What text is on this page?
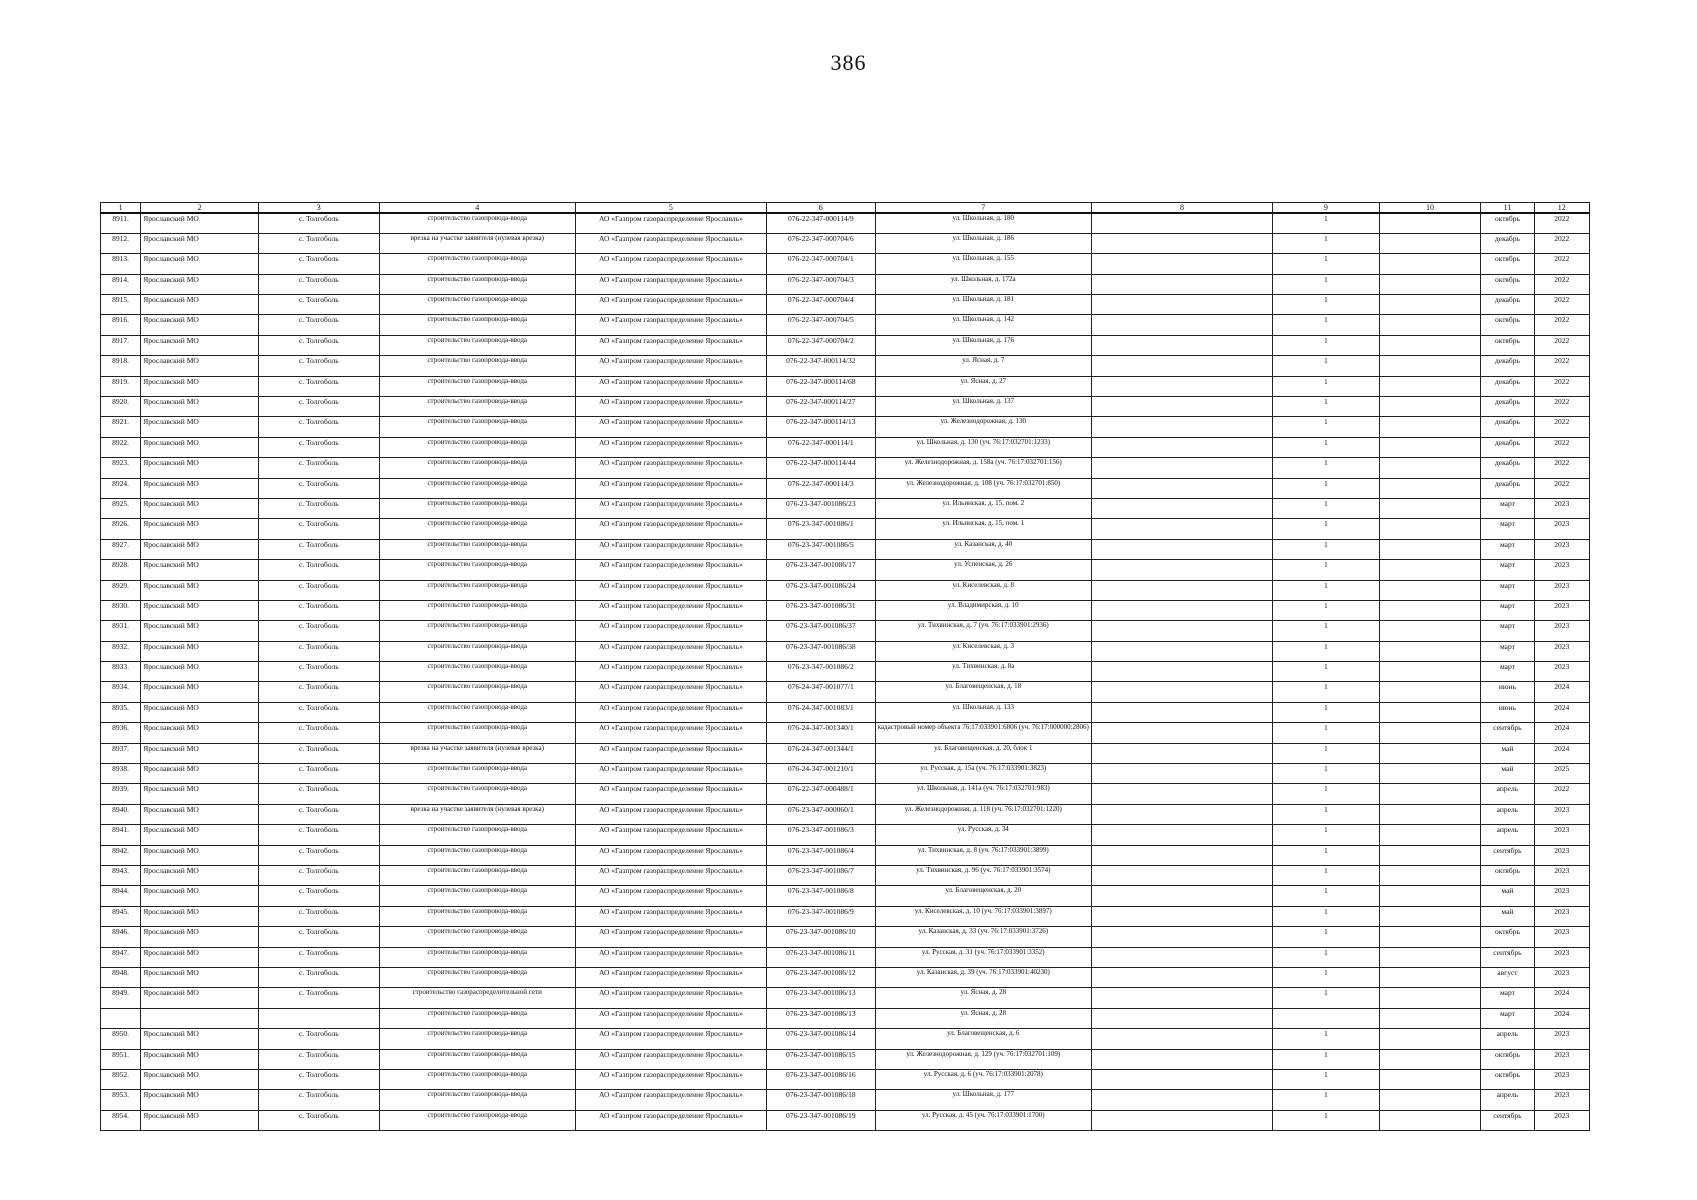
386
1	2	3	4	5	6	7	8	9	10	11	12
8911.	Ярославский МО	с. Толгоболь	строительство газопровода-ввода	АО «Газпром газораспределение Ярославль»	076-22-347-000114/9	ул. Школьная, д. 180		1		октябрь	2022
8912.	Ярославский МО	с. Толгоболь	врезка на участке заявителя (нулевая врезка)	АО «Газпром газораспределение Ярославль»	076-22-347-000704/6	ул. Школьная, д. 186		1		декабрь	2022
8913.	Ярославский МО	с. Толгоболь	строительство газопровода-ввода	АО «Газпром газораспределение Ярославль»	076-22-347-000704/1	ул. Школьная, д. 155		1		октябрь	2022
8914.	Ярославский МО	с. Толгоболь	строительство газопровода-ввода	АО «Газпром газораспределение Ярославль»	076-22-347-000704/3	ул. Школьная, д. 172а		1		октябрь	2022
8915.	Ярославский МО	с. Толгоболь	строительство газопровода-ввода	АО «Газпром газораспределение Ярославль»	076-22-347-000704/4	ул. Школьная, д. 181		1		декабрь	2022
8916.	Ярославский МО	с. Толгоболь	строительство газопровода-ввода	АО «Газпром газораспределение Ярославль»	076-22-347-000704/5	ул. Школьная, д. 142		1		октябрь	2022
8917.	Ярославский МО	с. Толгоболь	строительство газопровода-ввода	АО «Газпром газораспределение Ярославль»	076-22-347-000704/2	ул. Школьная, д. 176		1		октябрь	2022
8918.	Ярославский МО	с. Толгоболь	строительство газопровода-ввода	АО «Газпром газораспределение Ярославль»	076-22-347-000114/32	ул. Ясная, д. 7		1		декабрь	2022
8919.	Ярославский МО	с. Толгоболь	строительство газопровода-ввода	АО «Газпром газораспределение Ярославль»	076-22-347-000114/68	ул. Ясная, д. 27		1		декабрь	2022
8920.	Ярославский МО	с. Толгоболь	строительство газопровода-ввода	АО «Газпром газораспределение Ярославль»	076-22-347-000114/27	ул. Школьная, д. 137		1		декабрь	2022
8921.	Ярославский МО	с. Толгоболь	строительство газопровода-ввода	АО «Газпром газораспределение Ярославль»	076-22-347-000114/13	ул. Железнодорожная, д. 130		1		декабрь	2022
8922.	Ярославский МО	с. Толгоболь	строительство газопровода-ввода	АО «Газпром газораспределение Ярославль»	076-22-347-000114/1	ул. Школьная, д. 130 (уч. 76:17:032701:1233)		1		декабрь	2022
8923.	Ярославский МО	с. Толгоболь	строительство газопровода-ввода	АО «Газпром газораспределение Ярославль»	076-22-347-000114/44	ул. Железнодорожная, д. 158а (уч. 76:17:032701:156)		1		декабрь	2022
8924.	Ярославский МО	с. Толгоболь	строительство газопровода-ввода	АО «Газпром газораспределение Ярославль»	076-22-347-000114/3	ул. Железнодорожная, д. 108 (уч. 76:17:032701:850)		1		декабрь	2022
8925.	Ярославский МО	с. Толгоболь	строительство газопровода-ввода	АО «Газпром газораспределение Ярославль»	076-23-347-001086/23	ул. Ильинская, д. 15, пом. 2		1		март	2023
8926.	Ярославский МО	с. Толгоболь	строительство газопровода-ввода	АО «Газпром газораспределение Ярославль»	076-23-347-001086/1	ул. Ильинская, д. 15, пом. 1		1		март	2023
8927.	Ярославский МО	с. Толгоболь	строительство газопровода-ввода	АО «Газпром газораспределение Ярославль»	076-23-347-001086/5	ул. Казанская, д. 40		1		март	2023
8928.	Ярославский МО	с. Толгоболь	строительство газопровода-ввода	АО «Газпром газораспределение Ярославль»	076-23-347-001086/17	ул. Успенская, д. 26		1		март	2023
8929.	Ярославский МО	с. Толгоболь	строительство газопровода-ввода	АО «Газпром газораспределение Ярославль»	076-23-347-001086/24	ул. Киселевская, д. 8		1		март	2023
8930.	Ярославский МО	с. Толгоболь	строительство газопровода-ввода	АО «Газпром газораспределение Ярославль»	076-23-347-001086/31	ул. Владимирская, д. 10		1		март	2023
8931.	Ярославский МО	с. Толгоболь	строительство газопровода-ввода	АО «Газпром газораспределение Ярославль»	076-23-347-001086/37	ул. Тихвинская, д. 7 (уч. 76:17:033901:2936)		1		март	2023
8932.	Ярославский МО	с. Толгоболь	строительство газопровода-ввода	АО «Газпром газораспределение Ярославль»	076-23-347-001086/38	ул. Киселевская, д. 3		1		март	2023
8933.	Ярославский МО	с. Толгоболь	строительство газопровода-ввода	АО «Газпром газораспределение Ярославль»	076-23-347-001086/2	ул. Тихвинская, д. 8а		1		март	2023
8934.	Ярославский МО	с. Толгоболь	строительство газопровода-ввода	АО «Газпром газораспределение Ярославль»	076-24-347-001077/1	ул. Благовещенская, д. 18		1		июнь	2024
8935.	Ярославский МО	с. Толгоболь	строительство газопровода-ввода	АО «Газпром газораспределение Ярославль»	076-24-347-001083/1	ул. Школьная, д. 133		1		июнь	2024
8936.	Ярославский МО	с. Толгоболь	строительство газопровода-ввода	АО «Газпром газораспределение Ярославль»	076-24-347-001340/1	кадастровый номер объекта 76:17:033901:6806 (уч. 76:17:000000:2806)		1		сентябрь	2024
8937.	Ярославский МО	с. Толгоболь	врезка на участке заявителя (нулевая врезка)	АО «Газпром газораспределение Ярославль»	076-24-347-001344/1	ул. Благовещенская, д. 20, блок 1		1		май	2024
8938.	Ярославский МО	с. Толгоболь	строительство газопровода-ввода	АО «Газпром газораспределение Ярославль»	076-24-347-001210/1	ул. Русская, д. 15а (уч. 76:17:033901:3823)		1		май	2025
8939.	Ярославский МО	с. Толгоболь	строительство газопровода-ввода	АО «Газпром газораспределение Ярославль»	076-22-347-000488/1	ул. Школьная, д. 141а (уч. 76:17:032701:983)		1		апрель	2022
8940.	Ярославский МО	с. Толгоболь	врезка на участке заявителя (нулевая врезка)	АО «Газпром газораспределение Ярославль»	076-23-347-000060/1	ул. Железнодорожная, д. 118 (уч. 76:17:032701:1220)		1		апрель	2023
8941.	Ярославский МО	с. Толгоболь	строительство газопровода-ввода	АО «Газпром газораспределение Ярославль»	076-23-347-001086/3	ул. Русская, д. 34		1		апрель	2023
8942.	Ярославский МО	с. Толгоболь	строительство газопровода-ввода	АО «Газпром газораспределение Ярославль»	076-23-347-001086/4	ул. Тихвинская, д. 8 (уч. 76:17:033901:3899)		1		сентябрь	2023
8943.	Ярославский МО	с. Толгоболь	строительство газопровода-ввода	АО «Газпром газораспределение Ярославль»	076-23-347-001086/7	ул. Тихвинская, д. 96 (уч. 76:17:033901:3574)		1		октябрь	2023
8944.	Ярославский МО	с. Толгоболь	строительство газопровода-ввода	АО «Газпром газораспределение Ярославль»	076-23-347-001086/8	ул. Благовещенская, д. 20		1		май	2023
8945.	Ярославский МО	с. Толгоболь	строительство газопровода-ввода	АО «Газпром газораспределение Ярославль»	076-23-347-001086/9	ул. Киселевская, д. 10 (уч. 76:17:033901:3897)		1		май	2023
8946.	Ярославский МО	с. Толгоболь	строительство газопровода-ввода	АО «Газпром газораспределение Ярославль»	076-23-347-001086/10	ул. Казанская, д. 33 (уч. 76:17:033901:3726)		1		октябрь	2023
8947.	Ярославский МО	с. Толгоболь	строительство газопровода-ввода	АО «Газпром газораспределение Ярославль»	076-23-347-001086/11	ул. Русская, д. 31 (уч. 76:17:033901:3352)		1		сентябрь	2023
8948.	Ярославский МО	с. Толгоболь	строительство газопровода-ввода	АО «Газпром газораспределение Ярославль»	076-23-347-001086/12	ул. Казанская, д. 39 (уч. 76:17:033901:40230)		1		август	2023
8949.	Ярославский МО	с. Толгоболь	строительство газораспределительной сети	АО «Газпром газораспределение Ярославль»	076-23-347-001086/13	ул. Ясная, д. 28		1		март	2024
			строительство газопровода-ввода	АО «Газпром газораспределение Ярославль»	076-23-347-001086/13	ул. Ясная, д. 28				март	2024
8950.	Ярославский МО	с. Толгоболь	строительство газопровода-ввода	АО «Газпром газораспределение Ярославль»	076-23-347-001086/14	ул. Благовещенская, д. 6		1		апрель	2023
8951.	Ярославский МО	с. Толгоболь	строительство газопровода-ввода	АО «Газпром газораспределение Ярославль»	076-23-347-001086/15	ул. Железнодорожная, д. 129 (уч. 76:17:032701:109)		1		октябрь	2023
8952.	Ярославский МО	с. Толгоболь	строительство газопровода-ввода	АО «Газпром газораспределение Ярославль»	076-23-347-001086/16	ул. Русская, д. 6 (уч. 76:17:033901:2078)		1		октябрь	2023
8953.	Ярославский МО	с. Толгоболь	строительство газопровода-ввода	АО «Газпром газораспределение Ярославль»	076-23-347-001086/18	ул. Школьная, д. 177		1		апрель	2023
8954.	Ярославский МО	с. Толгоболь	строительство газопровода-ввода	АО «Газпром газораспределение Ярославль»	076-23-347-001086/19	ул. Русская, д. 45 (уч. 76:17:033901:1700)		1		сентябрь	2023
